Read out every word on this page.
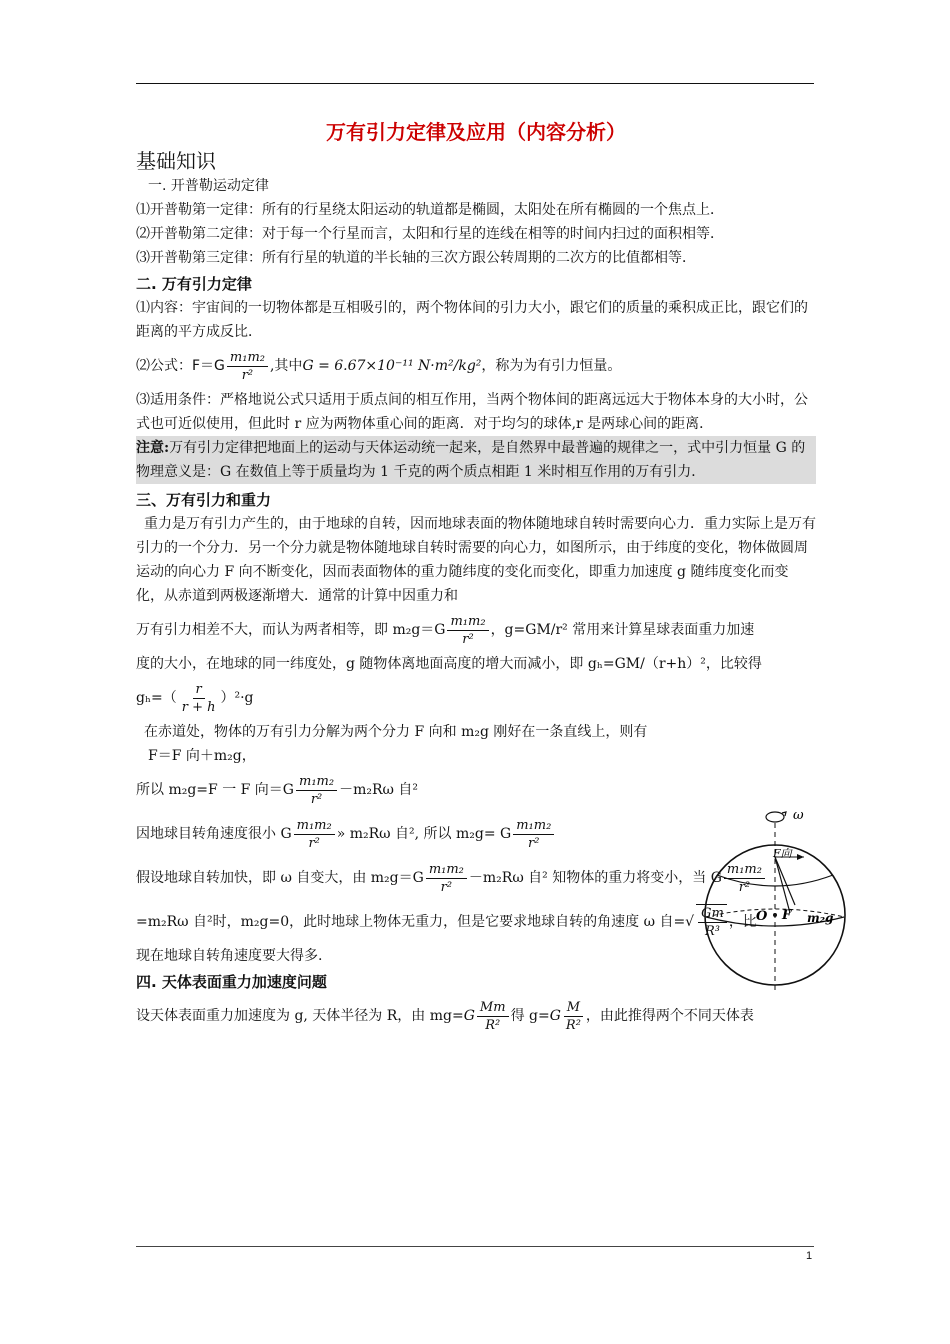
万有引力定律及应用（内容分析）
基础知识
一. 开普勒运动定律

⑴开普勒第一定律：所有的行星绕太阳运动的轨道都是椭圆，太阳处在所有椭圆的一个焦点上．

⑵开普勒第二定律：对于每一个行星而言，太阳和行星的连线在相等的时间内扫过的面积相等．

⑶开普勒第三定律：所有行星的轨道的半长轴的三次方跟公转周期的二次方的比值都相等．

二. 万有引力定律

⑴内容：宇宙间的一切物体都是互相吸引的，两个物体间的引力大小，跟它们的质量的乘积成正比，跟它们的距离的平方成反比．

⑵公式：$F=G \frac{\text{m₁m₂}}{\text{r²}}$ ,其中G = 6.67×10⁻¹¹ N·m²/kg²，称为为有引力恒量。

⑶适用条件：严格地说公式只适用于质点间的相互作用，当两个物体间的距离远远大于物体本身的大小时，公式也可近似使用，但此时 r 应为两物体重心间的距离．对于均匀的球体,r 是两球心间的距离．

注意:万有引力定律把地面上的运动与天体运动统一起来，是自然界中最普遍的规律之一，式中引力恒量 G 的物理意义是：G 在数值上等于质量均为 1 千克的两个质点相距 1 米时相互作用的万有引力．

三、万有引力和重力

重力是万有引力产生的，由于地球的自转，因而地球表面的物体随地球自转时需要向心力．重力实际上是万有引力的一个分力．另一个分力就是物体随地球自转时需要的向心力，如图所示，由于纬度的变化，物体做圆周运动的向心力 F 向不断变化，因而表面物体的重力随纬度的变化而变化，即重力加速度 g 随纬度变化而变化，从赤道到两极逐渐增大．通常的计算中因重力和

万有引力相差不大，而认为两者相等，即 $m_2g=G \frac{\text{m₁m₂}}{\text{r²}}$ ，g=GM/r² 常用来计算星球表面重力加速

度的大小，在地球的同一纬度处，g 随物体离地面高度的增大而减小，即 gₕ=GM/（r+h）²，比较得

$g_h=( \frac{r}{r + h} )^2\cdot g$

在赤道处，物体的万有引力分解为两个分力 F 向和 m₂g 刚好在一条直线上，则有

F＝F 向＋m₂g，

所以 m₂g=F 一 F 向$=G \frac{\text{m₁m₂}}{\text{r²}} -m_2R\omega$ 自²

因地球目转角速度很小 G $\frac{\text{m₁m₂}}{\text{r²}}$ » m₂Rω 自², 所以 m₂g= G $\frac{\text{m₁m₂}}{\text{r²}}$

假设地球自转加快，即 ω 自变大，由 $m_2g=G \frac{\text{m₁m₂}}{\text{r²}} -m_2R\omega$ 自² 知物体的重力将变小，当 G $\frac{\text{m₁m₂}}{\text{r²}}$

=m₂Rω 自²时，m₂g=0，此时地球上物体无重力，但是它要求地球自转的角速度 ω 自= √ $\frac{Gm}{\text{R³}}$ ，比

现在地球自转角速度要大得多.

四. 天体表面重力加速度问题

设天体表面重力加速度为 g, 天体半径为 R，由 $mg=G \frac{Mm}{\text{R²}}$ 得 $g=G \frac{M}{\text{R²}}$ ，由此推得两个不同天体表

ω
F向
O F m₂g
1
